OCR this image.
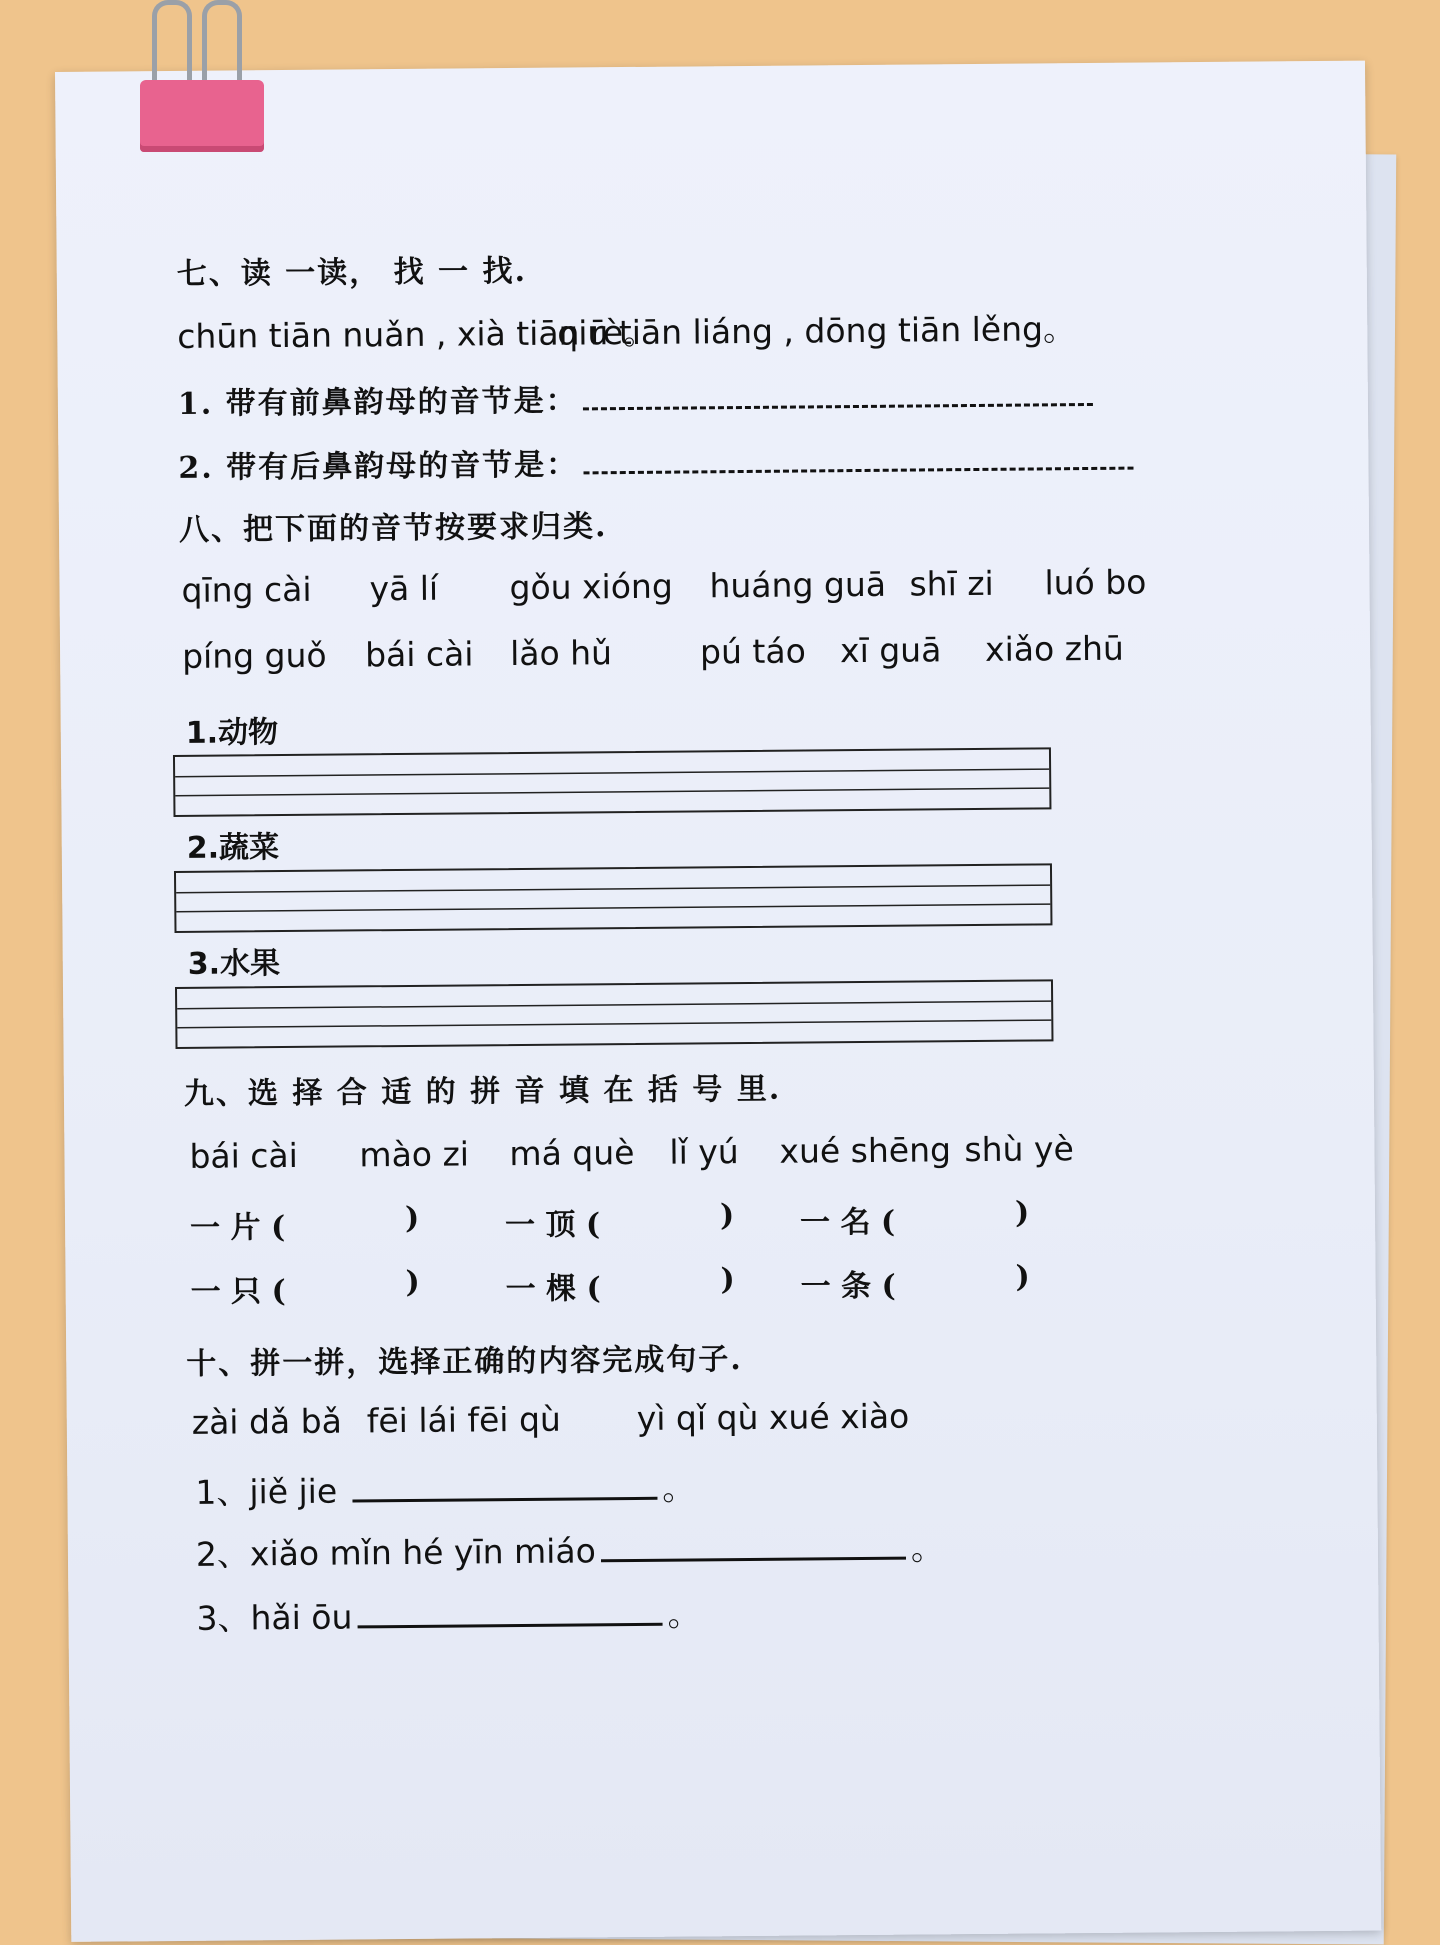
七、读 一读， 找 一 找.
chūn tiān nuǎn , xià tiān rè。
qiū tiān liáng , dōng tiān lěng。
1. 带有前鼻韵母的音节是：
2. 带有后鼻韵母的音节是：
八、把下面的音节按要求归类.
qīng cài yā lí gǒu xióng huáng guā shī zi luó bo
píng guǒ bái cài lǎo hǔ	pú táo xī guā xiǎo zhū
1.动物
2.蔬菜
3.水果
九、选 择 合 适 的 拼 音 填 在 括 号 里.
bái cài mào zi má què lǐ yú xué shēng shù yè
一 片 (	)	一 顶 (	) 一 名 (	)
一 只 (	)	一 棵 (	) 一 条 (	)
十、拼一拼，选择正确的内容完成句子.
zài dǎ bǎ fēi lái fēi qù yì qǐ qù xué xiào
1、jiě jie	。
2、xiǎo mǐn hé yīn miáo	。
3、hǎi ōu	。
